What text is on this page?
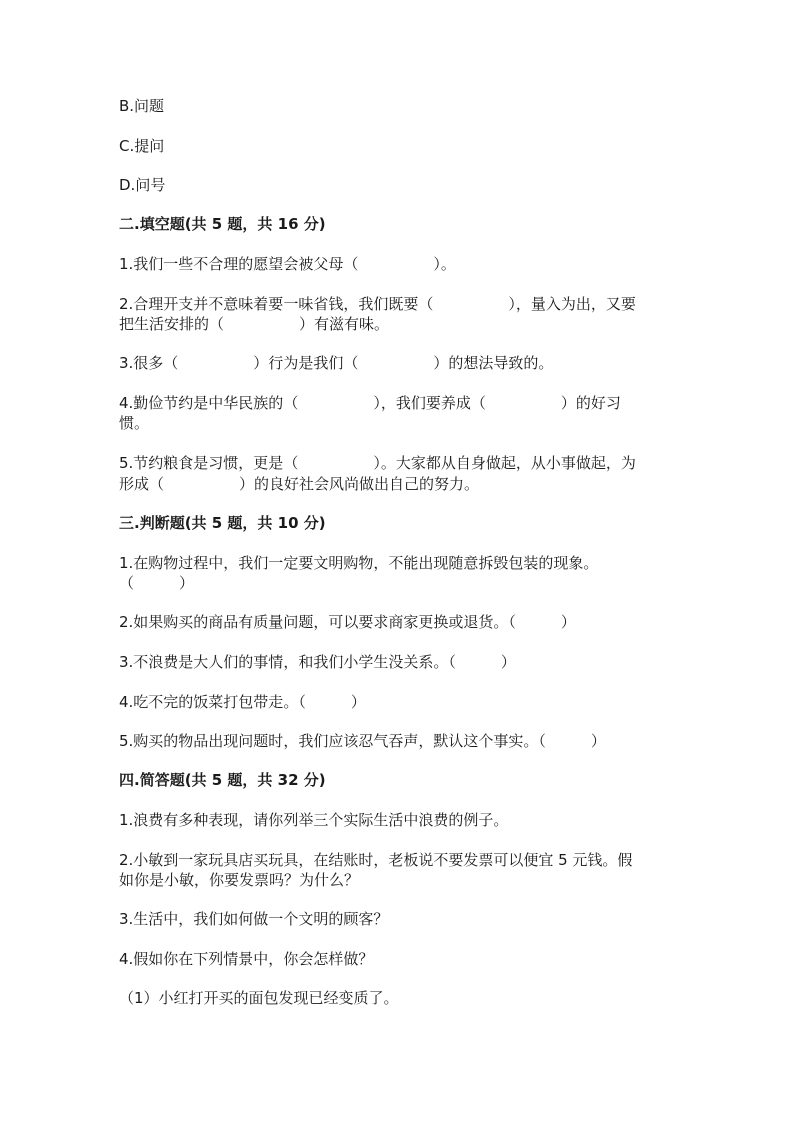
B.问题
C.提问
D.问号
二.填空题(共 5 题，共 16 分)
1.我们一些不合理的愿望会被父母（　　　　　）。
2.合理开支并不意味着要一味省钱，我们既要（　　　　　），量入为出，又要
把生活安排的（　　　　　）有滋有味。
3.很多（　　　　　）行为是我们（　　　　　）的想法导致的。
4.勤俭节约是中华民族的（　　　　　），我们要养成（　　　　　）的好习
惯。
5.节约粮食是习惯，更是（　　　　　）。大家都从自身做起，从小事做起，为
形成（　　　　　）的良好社会风尚做出自己的努力。
三.判断题(共 5 题，共 10 分)
1.在购物过程中，我们一定要文明购物，不能出现随意拆毁包装的现象。
（　　　）
2.如果购买的商品有质量问题，可以要求商家更换或退货。（　　　）
3.不浪费是大人们的事情，和我们小学生没关系。（　　　）
4.吃不完的饭菜打包带走。（　　　）
5.购买的物品出现问题时，我们应该忍气吞声，默认这个事实。（　　　）
四.简答题(共 5 题，共 32 分)
1.浪费有多种表现，请你列举三个实际生活中浪费的例子。
2.小敏到一家玩具店买玩具，在结账时，老板说不要发票可以便宜 5 元钱。假
如你是小敏，你要发票吗？为什么？
3.生活中，我们如何做一个文明的顾客？
4.假如你在下列情景中，你会怎样做？
（1）小红打开买的面包发现已经变质了。
